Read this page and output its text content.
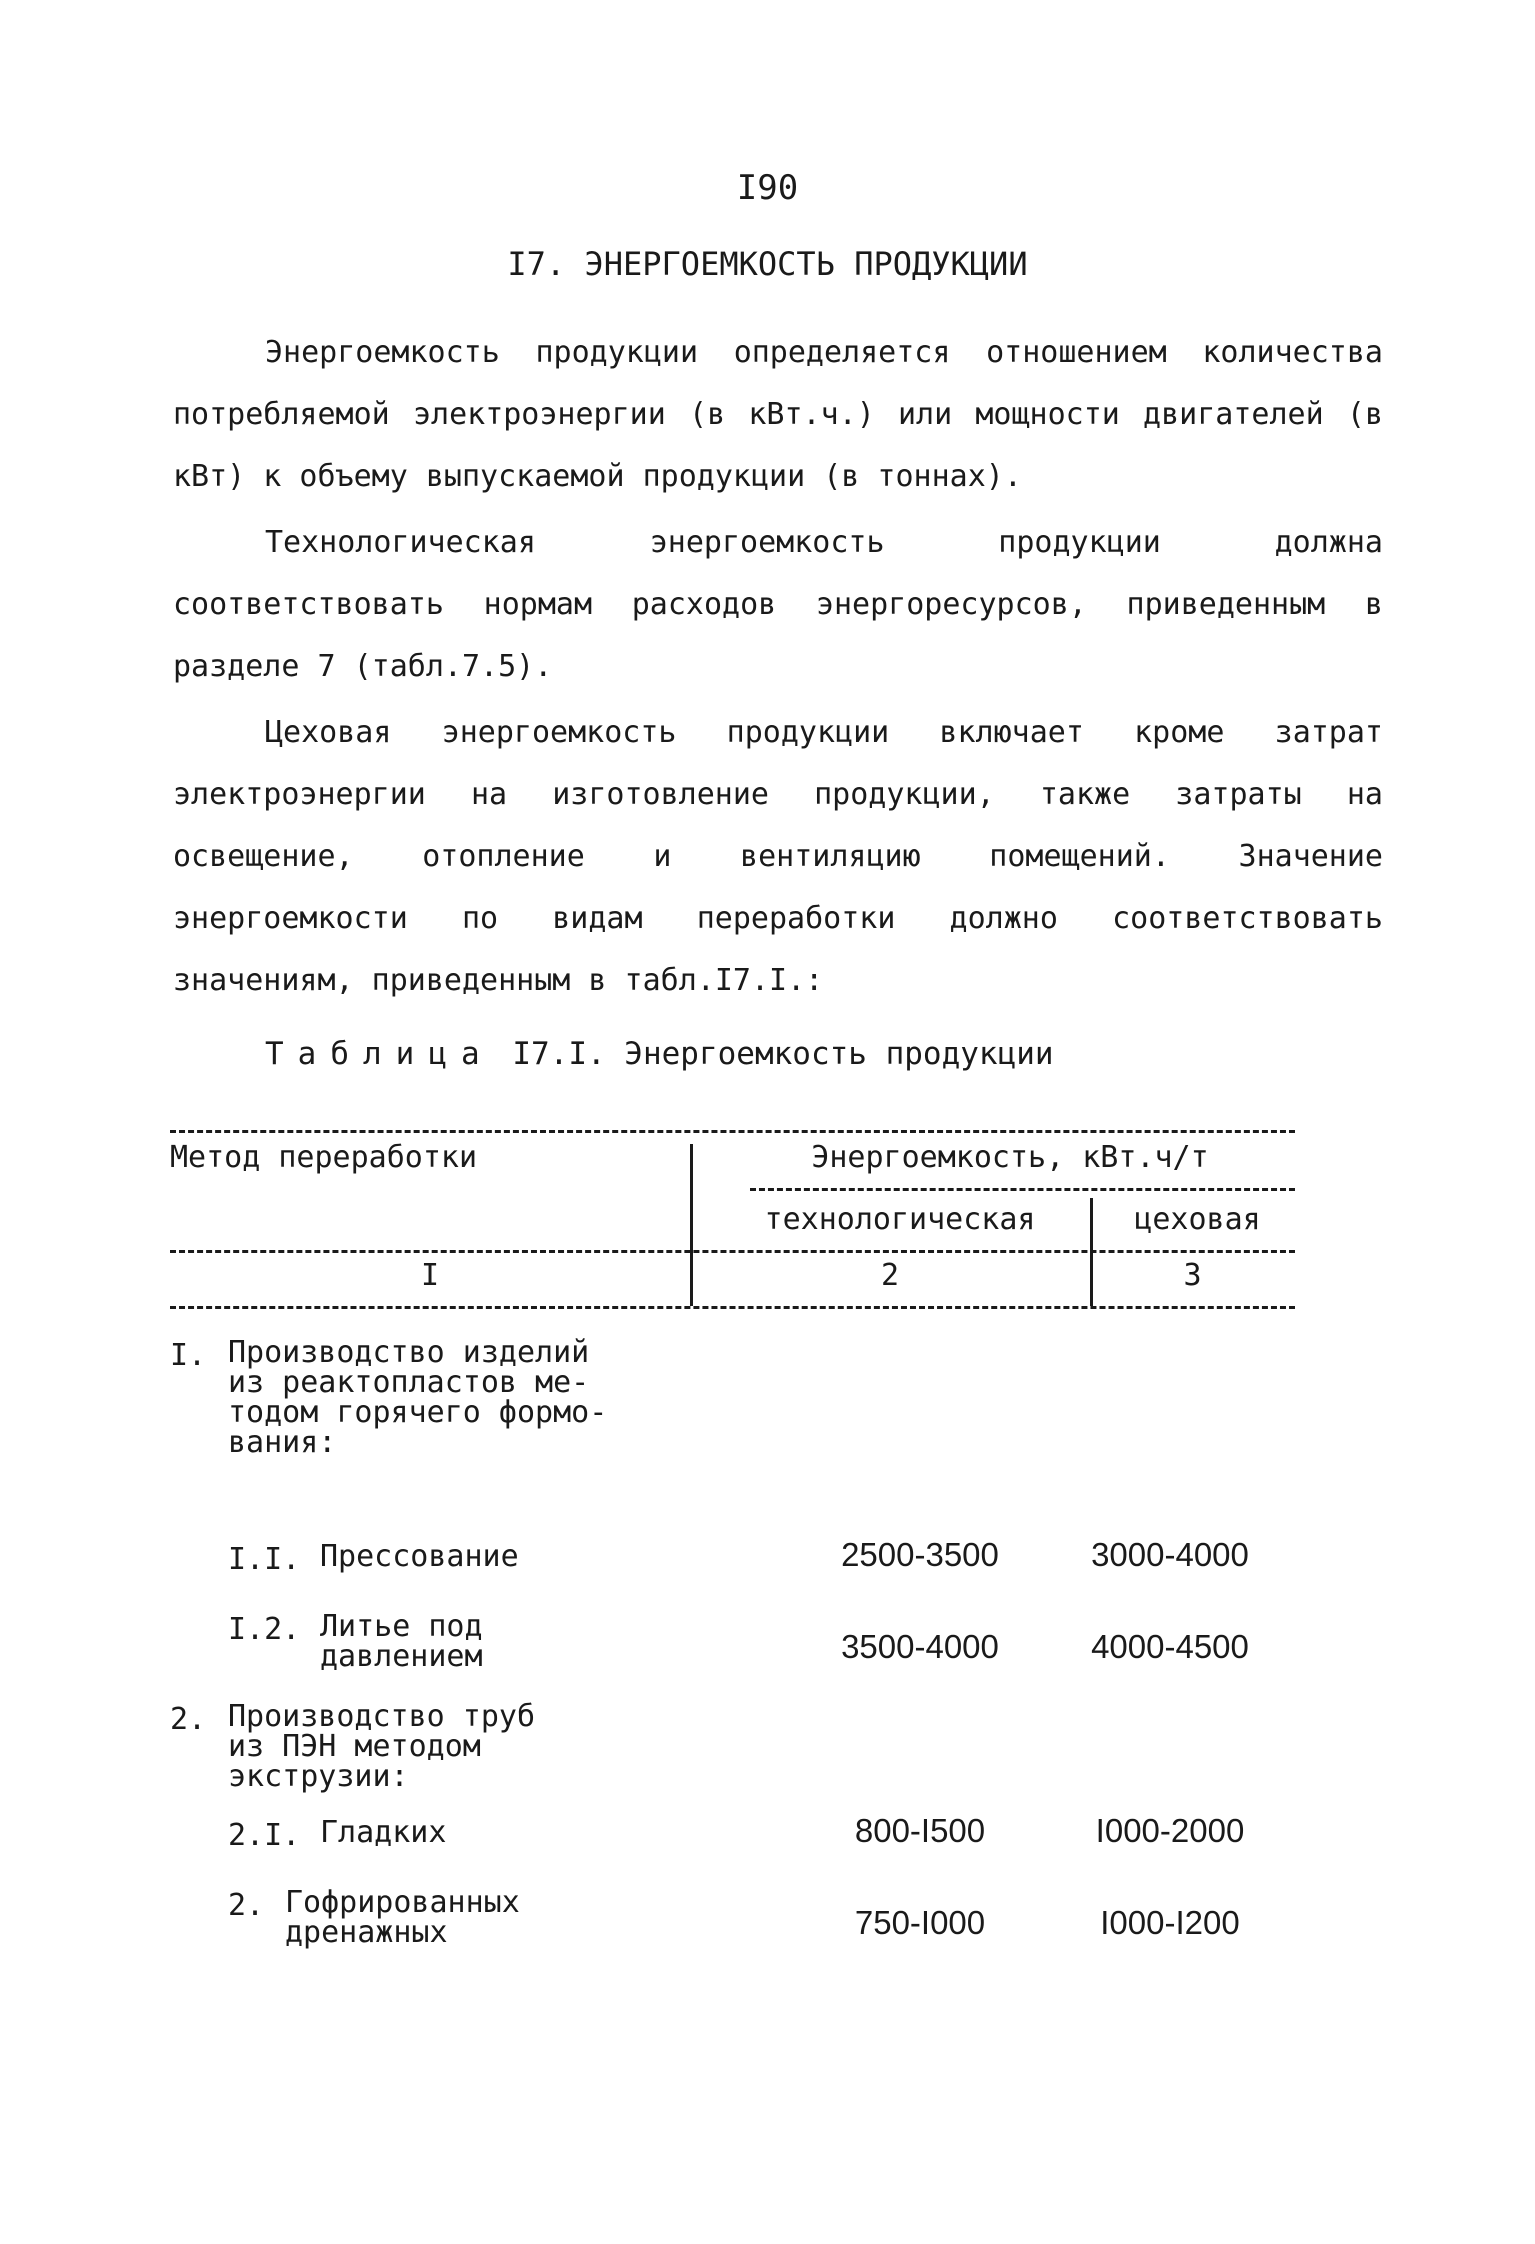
I90
I7. ЭНЕРГОЕМКОСТЬ ПРОДУКЦИИ
Энергоемкость продукции определяется отношением количества потребляемой электроэнергии (в кВт.ч.) или мощности двигателей (в кВт) к объему выпускаемой продукции (в тоннах).
Технологическая энергоемкость продукции должна соответствовать нормам расходов энергоресурсов, приведенным в разделе 7 (табл.7.5).
Цеховая энергоемкость продукции включает кроме затрат электроэнергии на изготовление продукции, также затраты на освещение, отопление и вентиляцию помещений. Значение энергоемкости по видам переработки должно соответствовать значениям, приведенным в табл.I7.I.:
Таблица I7.I. Энергоемкость продукции
Метод переработки	Энергоемкость, кВт.ч/т
технологическая	цеховая
I	2	3
I. Производство изделий
из реактопластов ме-
тодом горячего формо-
вания:
I.I. Прессование	2500-3500	3000-4000
I.2. Литье под
давлением	3500-4000	4000-4500
2. Производство труб
из ПЭН методом
экструзии:
2.I. Гладких	800-I500	I000-2000
2. Гофрированных
дренажных	750-I000	I000-I200
